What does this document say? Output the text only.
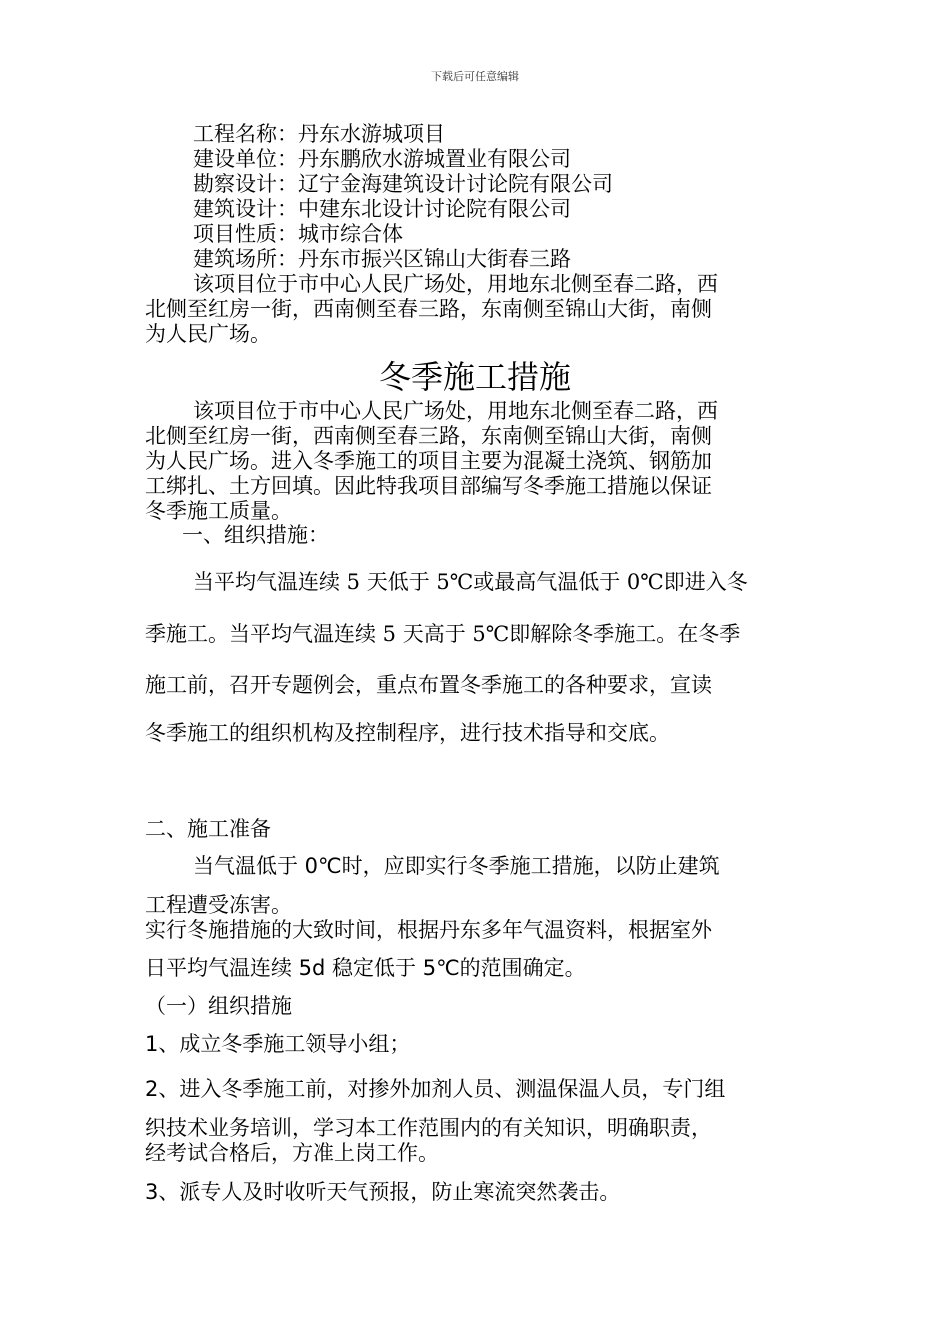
下载后可任意编辑
工程名称：丹东水游城项目
建设单位：丹东鹏欣水游城置业有限公司
勘察设计：辽宁金海建筑设计讨论院有限公司
建筑设计：中建东北设计讨论院有限公司
项目性质：城市综合体
建筑场所：丹东市振兴区锦山大街春三路
该项目位于市中心人民广场处，用地东北侧至春二路，西
北侧至红房一街，西南侧至春三路，东南侧至锦山大街，南侧
为人民广场。
冬季施工措施
该项目位于市中心人民广场处，用地东北侧至春二路，西
北侧至红房一街，西南侧至春三路，东南侧至锦山大街，南侧
为人民广场。进入冬季施工的项目主要为混凝土浇筑、钢筋加
工绑扎、土方回填。因此特我项目部编写冬季施工措施以保证
冬季施工质量。
一、组织措施：
当平均气温连续 5 天低于 5℃或最高气温低于 0℃即进入冬
季施工。当平均气温连续 5 天高于 5℃即解除冬季施工。在冬季
施工前，召开专题例会，重点布置冬季施工的各种要求，宣读
冬季施工的组织机构及控制程序，进行技术指导和交底。
二、施工准备
当气温低于 0℃时，应即实行冬季施工措施，以防止建筑
工程遭受冻害。
实行冬施措施的大致时间，根据丹东多年气温资料，根据室外
日平均气温连续 5d 稳定低于 5℃的范围确定。
（一）组织措施
1、成立冬季施工领导小组；
2、进入冬季施工前，对掺外加剂人员、测温保温人员，专门组
织技术业务培训，学习本工作范围内的有关知识，明确职责，
经考试合格后，方准上岗工作。
3、派专人及时收听天气预报，防止寒流突然袭击。
